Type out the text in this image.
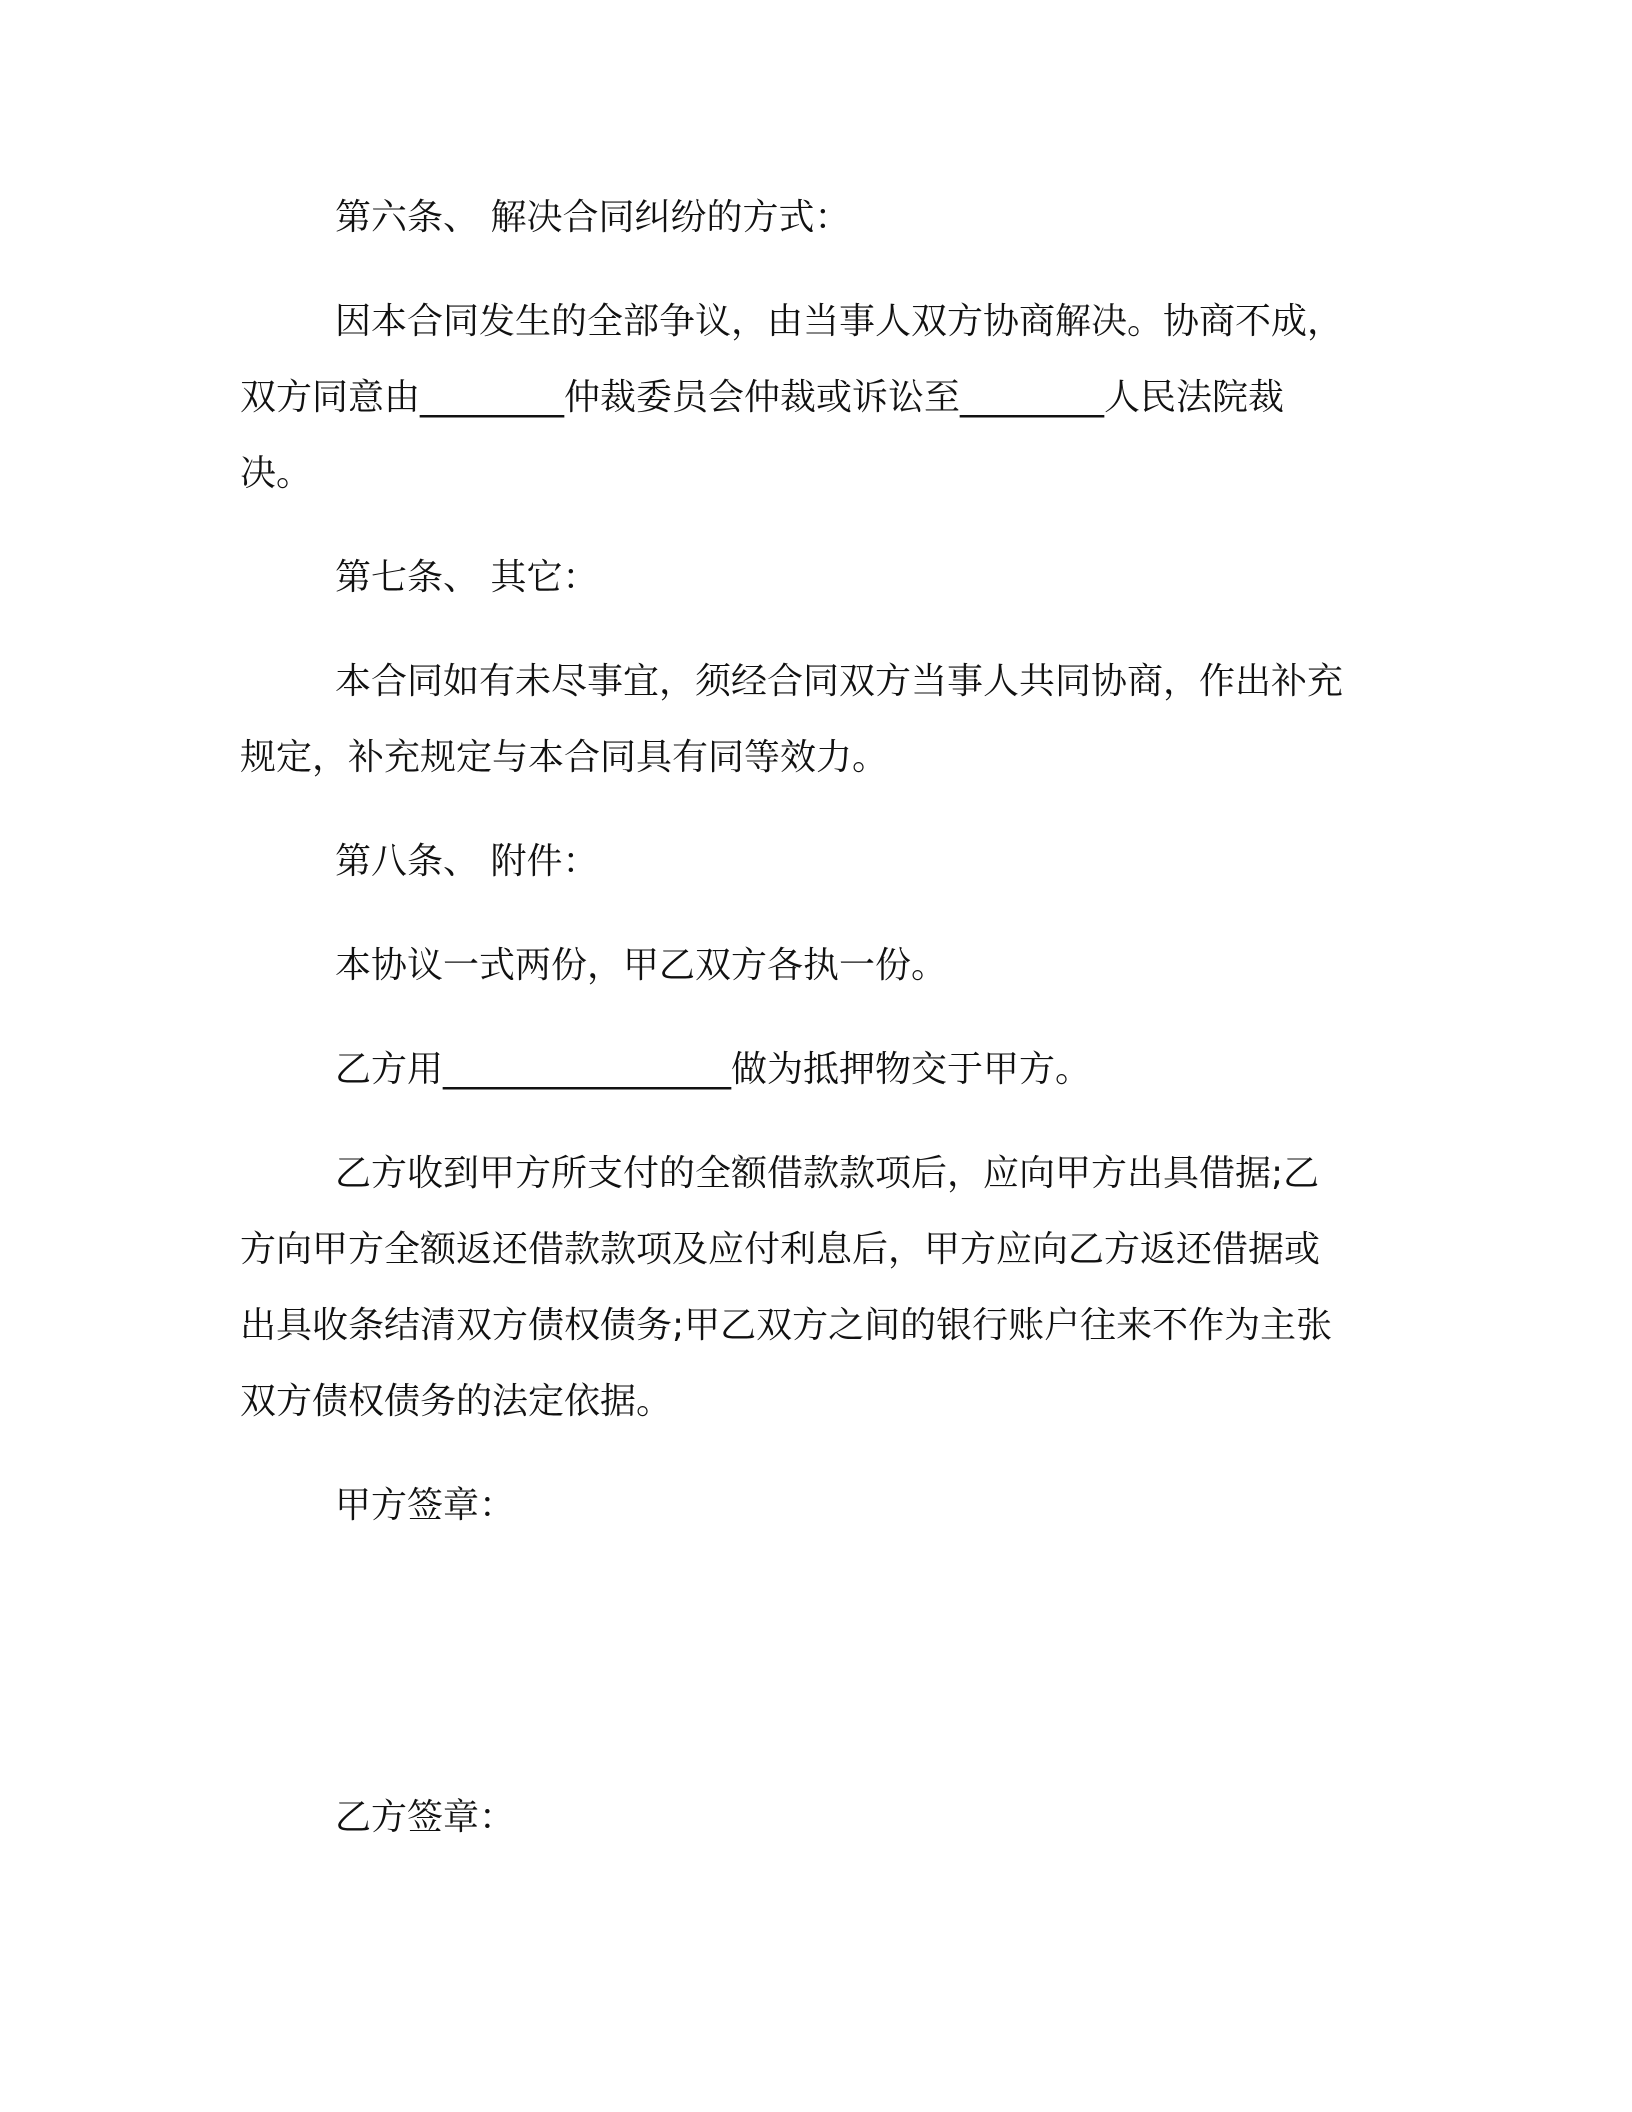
第六条、 解决合同纠纷的方式：
因本合同发生的全部争议，由当事人双方协商解决。协商不成，
双方同意由________仲裁委员会仲裁或诉讼至________人民法院裁
决。
第七条、 其它：
本合同如有未尽事宜，须经合同双方当事人共同协商，作出补充
规定，补充规定与本合同具有同等效力。
第八条、 附件：
本协议一式两份，甲乙双方各执一份。
乙方用________________做为抵押物交于甲方。
乙方收到甲方所支付的全额借款款项后，应向甲方出具借据;乙
方向甲方全额返还借款款项及应付利息后，甲方应向乙方返还借据或
出具收条结清双方债权债务;甲乙双方之间的银行账户往来不作为主张
双方债权债务的法定依据。
甲方签章：
乙方签章：
